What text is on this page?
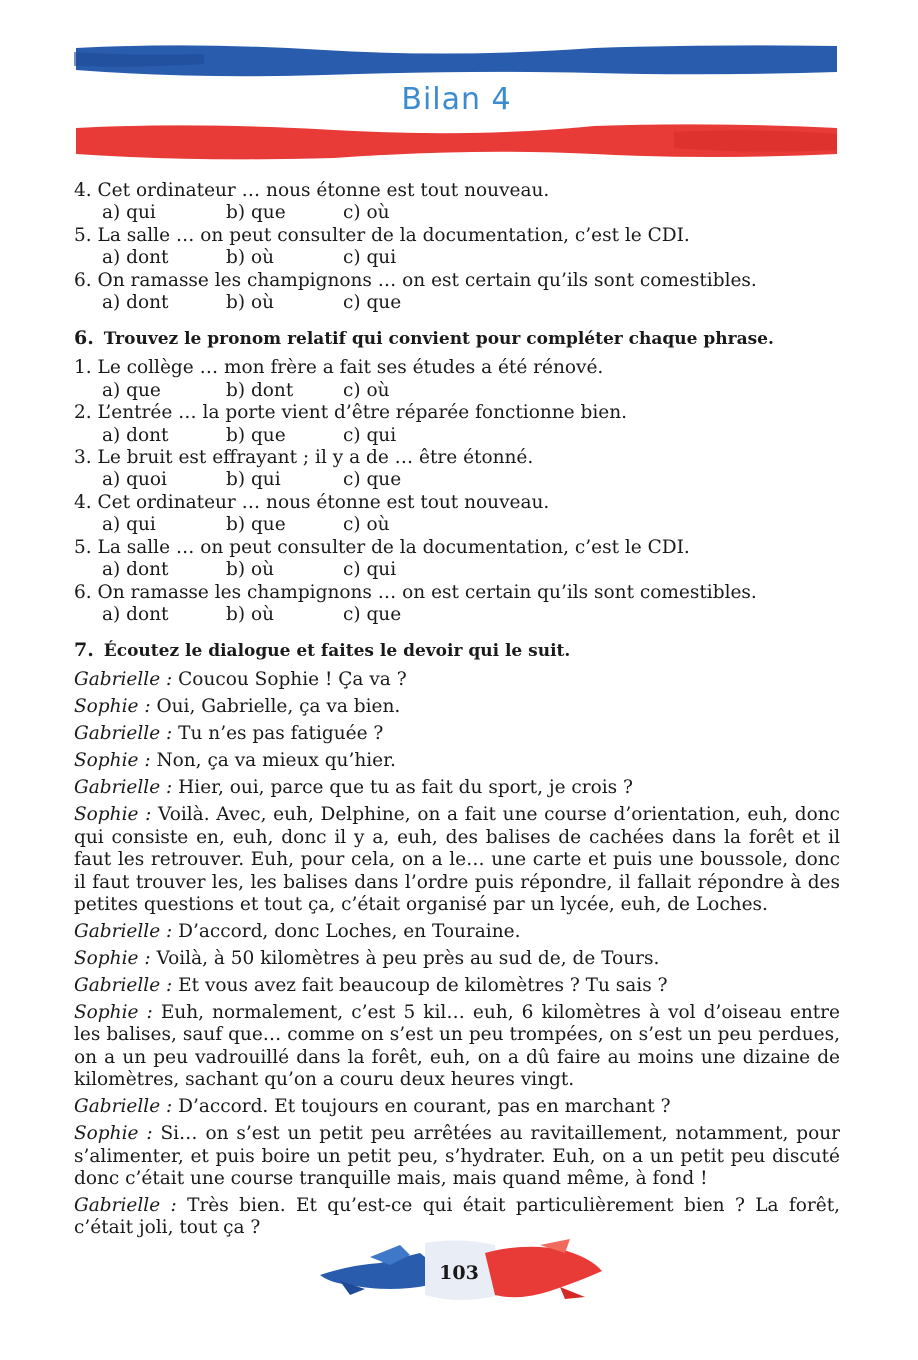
Bilan 4
4. Cet ordinateur … nous étonne est tout nouveau.
a) qui	b) que	c) où
5. La salle … on peut consulter de la documentation, c’est le CDI.
a) dont	b) où	c) qui
6. On ramasse les champignons … on est certain qu’ils sont comestibles.
a) dont	b) où	c) que
6. Trouvez le pronom relatif qui convient pour compléter chaque phrase.
1. Le collège … mon frère a fait ses études a été rénové.
a) que	b) dont	c) où
2. L’entrée … la porte vient d’être réparée fonctionne bien.
a) dont	b) que	c) qui
3. Le bruit est effrayant ; il y a de … être étonné.
a) quoi	b) qui	c) que
4. Cet ordinateur … nous étonne est tout nouveau.
a) qui	b) que	c) où
5. La salle … on peut consulter de la documentation, c’est le CDI.
a) dont	b) où	c) qui
6. On ramasse les champignons … on est certain qu’ils sont comestibles.
a) dont	b) où	c) que
7. Écoutez le dialogue et faites le devoir qui le suit.
Gabrielle : Coucou Sophie ! Ça va ?
Sophie : Oui, Gabrielle, ça va bien.
Gabrielle : Tu n’es pas fatiguée ?
Sophie : Non, ça va mieux qu’hier.
Gabrielle : Hier, oui, parce que tu as fait du sport, je crois ?
Sophie : Voilà. Avec, euh, Delphine, on a fait une course d’orientation, euh, donc qui consiste en, euh, donc il y a, euh, des balises de cachées dans la forêt et il faut les retrouver. Euh, pour cela, on a le… une carte et puis une boussole, donc il faut trouver les, les balises dans l’ordre puis répondre, il fallait répondre à des petites questions et tout ça, c’était organisé par un lycée, euh, de Loches.
Gabrielle : D’accord, donc Loches, en Touraine.
Sophie : Voilà, à 50 kilomètres à peu près au sud de, de Tours.
Gabrielle : Et vous avez fait beaucoup de kilomètres ? Tu sais ?
Sophie : Euh, normalement, c’est 5 kil… euh, 6 kilomètres à vol d’oiseau entre les balises, sauf que… comme on s’est un peu trompées, on s’est un peu perdues, on a un peu vadrouillé dans la forêt, euh, on a dû faire au moins une dizaine de kilomètres, sachant qu’on a couru deux heures vingt.
Gabrielle : D’accord. Et toujours en courant, pas en marchant ?
Sophie : Si… on s’est un petit peu arrêtées au ravitaillement, notamment, pour s’alimenter, et puis boire un petit peu, s’hydrater. Euh, on a un petit peu discuté donc c’était une course tranquille mais, mais quand même, à fond !
Gabrielle : Très bien. Et qu’est-ce qui était particulièrement bien ? La forêt, c’était joli, tout ça ?
103
